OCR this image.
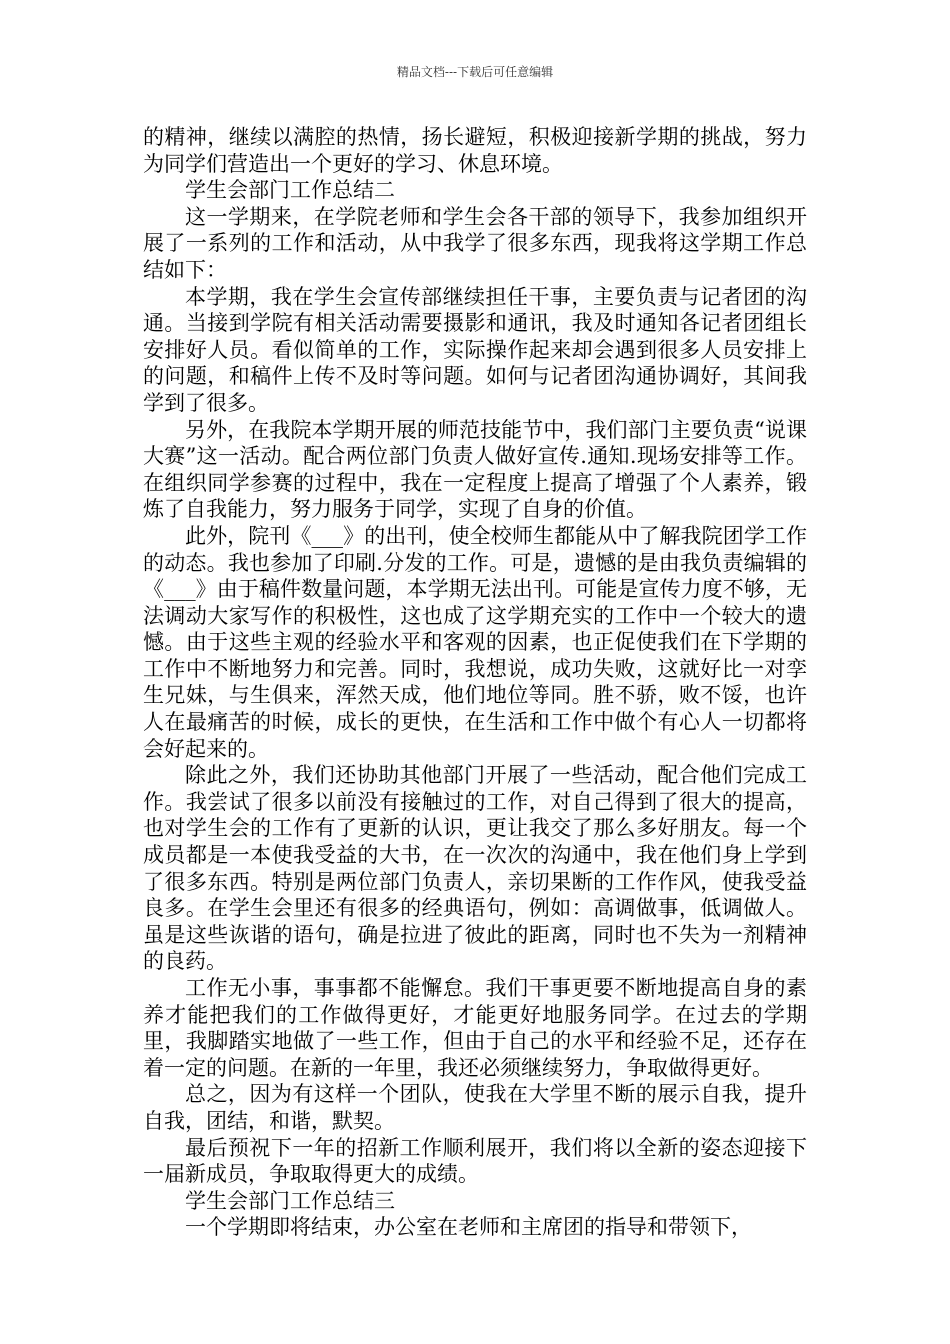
精品文档---下载后可任意编辑

的精神，继续以满腔的热情，扬长避短，积极迎接新学期的挑战，努力为同学们营造出一个更好的学习、休息环境。

学生会部门工作总结二

这一学期来，在学院老师和学生会各干部的领导下，我参加组织开展了一系列的工作和活动，从中我学了很多东西，现我将这学期工作总结如下：

本学期，我在学生会宣传部继续担任干事，主要负责与记者团的沟通。当接到学院有相关活动需要摄影和通讯，我及时通知各记者团组长安排好人员。看似简单的工作，实际操作起来却会遇到很多人员安排上的问题，和稿件上传不及时等问题。如何与记者团沟通协调好，其间我学到了很多。

另外，在我院本学期开展的师范技能节中，我们部门主要负责“说课大赛”这一活动。配合两位部门负责人做好宣传.通知.现场安排等工作。在组织同学参赛的过程中，我在一定程度上提高了增强了个人素养，锻炼了自我能力，努力服务于同学，实现了自身的价值。

此外，院刊《___》的出刊，使全校师生都能从中了解我院团学工作的动态。我也参加了印刷.分发的工作。可是，遗憾的是由我负责编辑的《___》由于稿件数量问题，本学期无法出刊。可能是宣传力度不够，无法调动大家写作的积极性，这也成了这学期充实的工作中一个较大的遗憾。由于这些主观的经验水平和客观的因素，也正促使我们在下学期的工作中不断地努力和完善。同时，我想说，成功失败，这就好比一对孪生兄妹，与生俱来，浑然天成，他们地位等同。胜不骄，败不馁，也许人在最痛苦的时候，成长的更快，在生活和工作中做个有心人一切都将会好起来的。

除此之外，我们还协助其他部门开展了一些活动，配合他们完成工作。我尝试了很多以前没有接触过的工作，对自己得到了很大的提高，也对学生会的工作有了更新的认识，更让我交了那么多好朋友。每一个成员都是一本使我受益的大书，在一次次的沟通中，我在他们身上学到了很多东西。特别是两位部门负责人，亲切果断的工作作风，使我受益良多。在学生会里还有很多的经典语句，例如：高调做事，低调做人。虽是这些诙谐的语句，确是拉进了彼此的距离，同时也不失为一剂精神的良药。

工作无小事，事事都不能懈怠。我们干事更要不断地提高自身的素养才能把我们的工作做得更好，才能更好地服务同学。在过去的学期里，我脚踏实地做了一些工作，但由于自己的水平和经验不足，还存在着一定的问题。在新的一年里，我还必须继续努力，争取做得更好。

总之，因为有这样一个团队，使我在大学里不断的展示自我，提升自我，团结，和谐，默契。

最后预祝下一年的招新工作顺利展开，我们将以全新的姿态迎接下一届新成员，争取取得更大的成绩。

学生会部门工作总结三

一个学期即将结束，办公室在老师和主席团的指导和带领下，
